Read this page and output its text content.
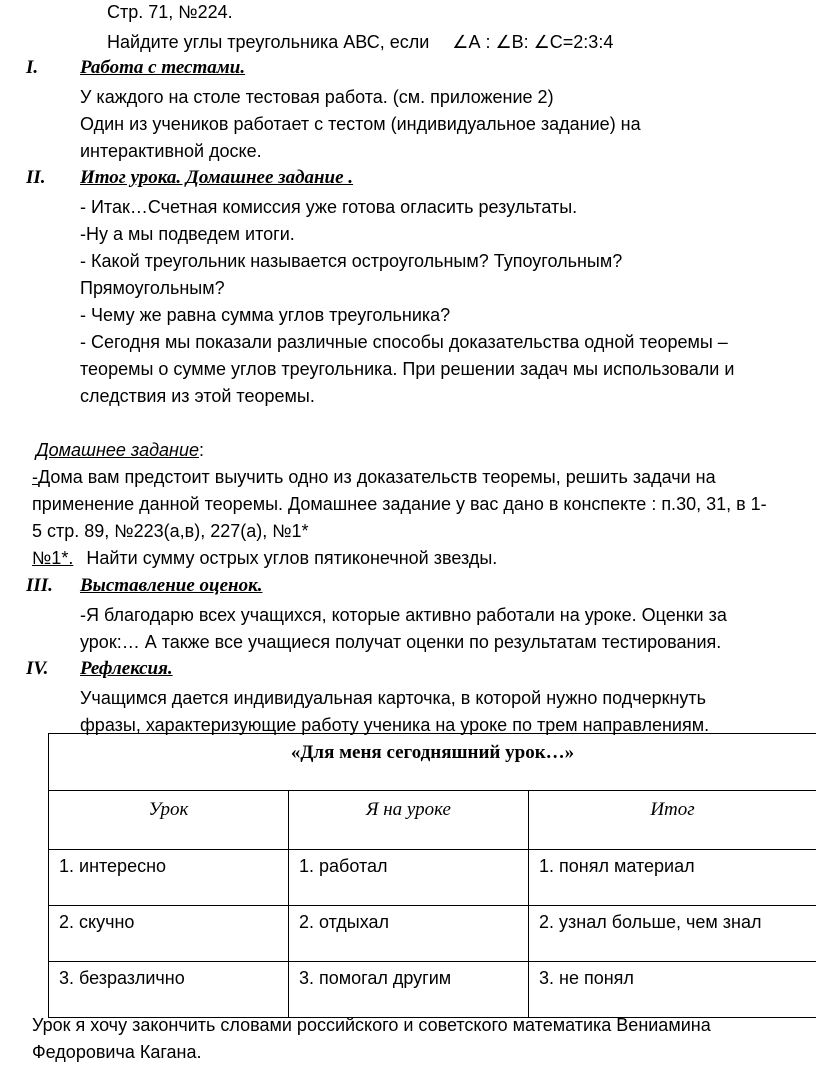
Стр. 71, №224.
Найдите углы треугольника АВС, если ∠А : ∠В: ∠С=2:3:4
I. Работа с тестами.
У каждого на столе тестовая работа. (см. приложение 2)
Один из учеников работает с тестом (индивидуальное задание) на
интерактивной доске.
II. Итог урока. Домашнее задание .
- Итак…Счетная комиссия уже готова огласить результаты.
-Ну а мы подведем итоги.
- Какой треугольник называется остроугольным? Тупоугольным?
Прямоугольным?
- Чему же равна сумма углов треугольника?
- Сегодня мы показали различные способы доказательства одной теоремы –
теоремы о сумме углов треугольника. При решении задач мы использовали и
следствия из этой теоремы.
Домашнее задание:
-Дома вам предстоит выучить одно из доказательств теоремы, решить задачи на
применение данной теоремы. Домашнее задание у вас дано в конспекте : п.30, 31, в 1-
5 стр. 89, №223(а,в), 227(а), №1*
№1*. Найти сумму острых углов пятиконечной звезды.
III. Выставление оценок.
-Я благодарю всех учащихся, которые активно работали на уроке. Оценки за
урок:… А также все учащиеся получат оценки по результатам тестирования.
IV. Рефлексия.
Учащимся дается индивидуальная карточка, в которой нужно подчеркнуть
фразы, характеризующие работу ученика на уроке по трем направлениям.
«Для меня сегодняшний урок…»		
Урок	Я на уроке	Итог
1. интересно	1. работал	1. понял материал
2. скучно	2. отдыхал	2. узнал больше, чем знал
3. безразлично	3. помогал другим	3. не понял
Урок я хочу закончить словами российского и советского математика Вениамина
Федоровича Кагана.
